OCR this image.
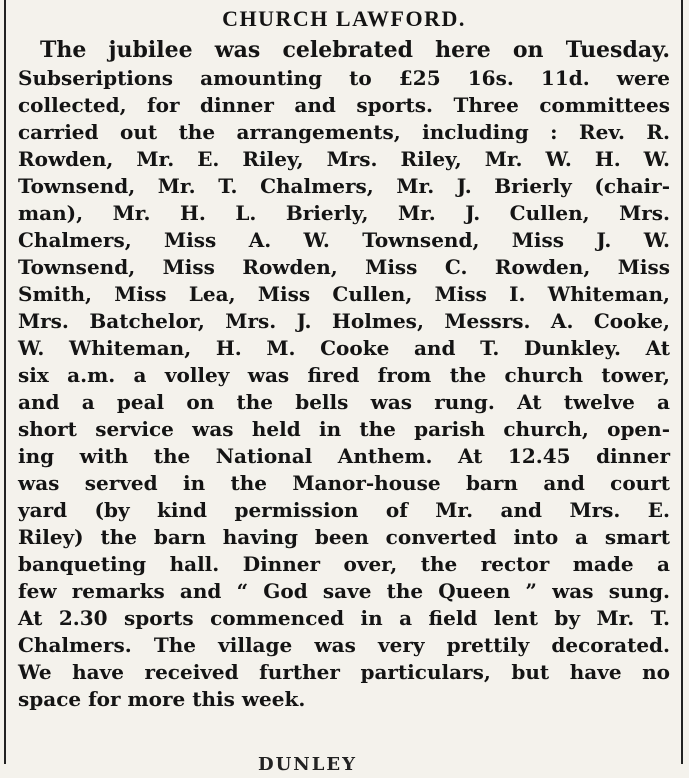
CHURCH LAWFORD.
The jubilee was celebrated here on Tuesday.
Subseriptions amounting to £25 16s. 11d. were
collected, for dinner and sports. Three committees
carried out the arrangements, including : Rev. R.
Rowden, Mr. E. Riley, Mrs. Riley, Mr. W. H. W.
Townsend, Mr. T. Chalmers, Mr. J. Brierly (chair-
man), Mr. H. L. Brierly, Mr. J. Cullen, Mrs.
Chalmers, Miss A. W. Townsend, Miss J. W.
Townsend, Miss Rowden, Miss C. Rowden, Miss
Smith, Miss Lea, Miss Cullen, Miss I. Whiteman,
Mrs. Batchelor, Mrs. J. Holmes, Messrs. A. Cooke,
W. Whiteman, H. M. Cooke and T. Dunkley. At
six a.m. a volley was fired from the church tower,
and a peal on the bells was rung. At twelve a
short service was held in the parish church, open-
ing with the National Anthem. At 12.45 dinner
was served in the Manor-house barn and court
yard (by kind permission of Mr. and Mrs. E.
Riley) the barn having been converted into a smart
banqueting hall. Dinner over, the rector made a
few remarks and “ God save the Queen ” was sung.
At 2.30 sports commenced in a field lent by Mr. T.
Chalmers. The village was very prettily decorated.
We have received further particulars, but have no
space for more this week.
DUNLEY
